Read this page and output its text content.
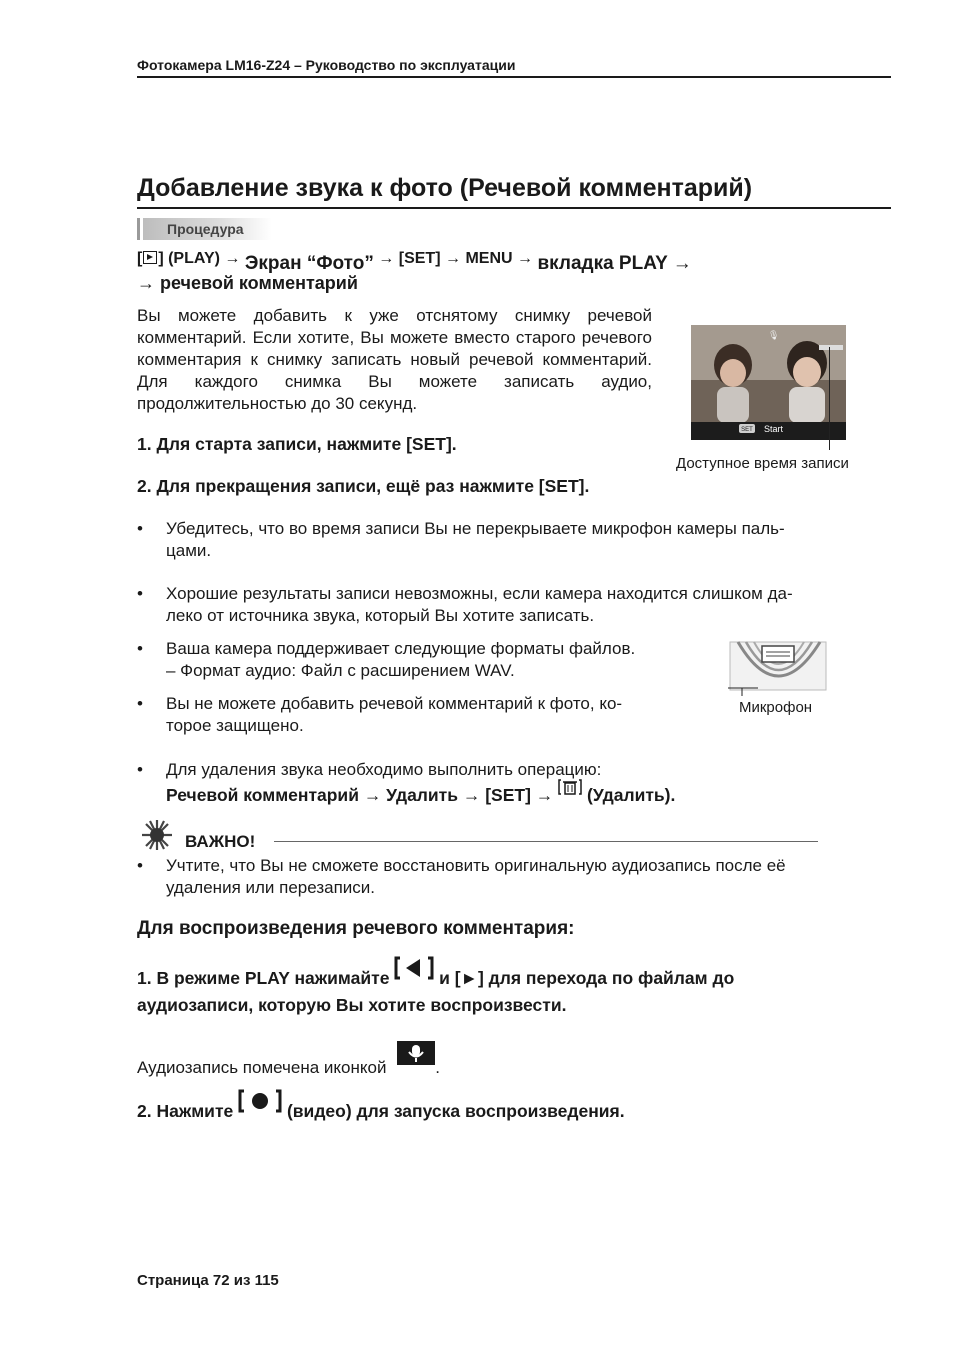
Фотокамера LM16-Z24 – Руководство по эксплуатации
Добавление звука к фото (Речевой комментарий)
Процедура
[ ] (PLAY) → Экран “Фото” → [SET] → MENU → вкладка PLAY →
→ речевой комментарий
Вы можете добавить к уже отснятому снимку речевой комментарий. Если хотите, Вы можете вместо старого речевого комментария к снимку записать новый речевой комментарий. Для каждого снимка Вы можете записать аудио, продолжительностью до 30 секунд.
SET Start
🎙
Доступное время записи
1. Для старта записи, нажмите [SET].
2. Для прекращения записи, ещё раз нажмите [SET].
• Убедитесь, что во время записи Вы не перекрываете микрофон камеры паль-
цами.
• Хорошие результаты записи невозможны, если камера находится слишком да-
леко от источника звука, который Вы хотите записать.
• Ваша камера поддерживает следующие форматы файлов.
– Формат аудио: Файл с расширением WAV.
• Вы не можете добавить речевой комментарий к фото, ко-
торое защищено.
Микрофон
• Для удаления звука необходимо выполнить операцию:
Речевой комментарий → Удалить → [SET] →  (Удалить).
ВАЖНО!
• Учтите, что Вы не сможете восстановить оригинальную аудиозапись после её
удаления или перезаписи.
Для воспроизведения речевого комментария:
1. В режиме PLAY нажимайте  и [►] для перехода по файлам до
аудиозаписи, которую Вы хотите воспроизвести.
Аудиозапись помечена иконкой	.
2. Нажмите	(видео) для запуска воспроизведения.
Страница 72 из 115
